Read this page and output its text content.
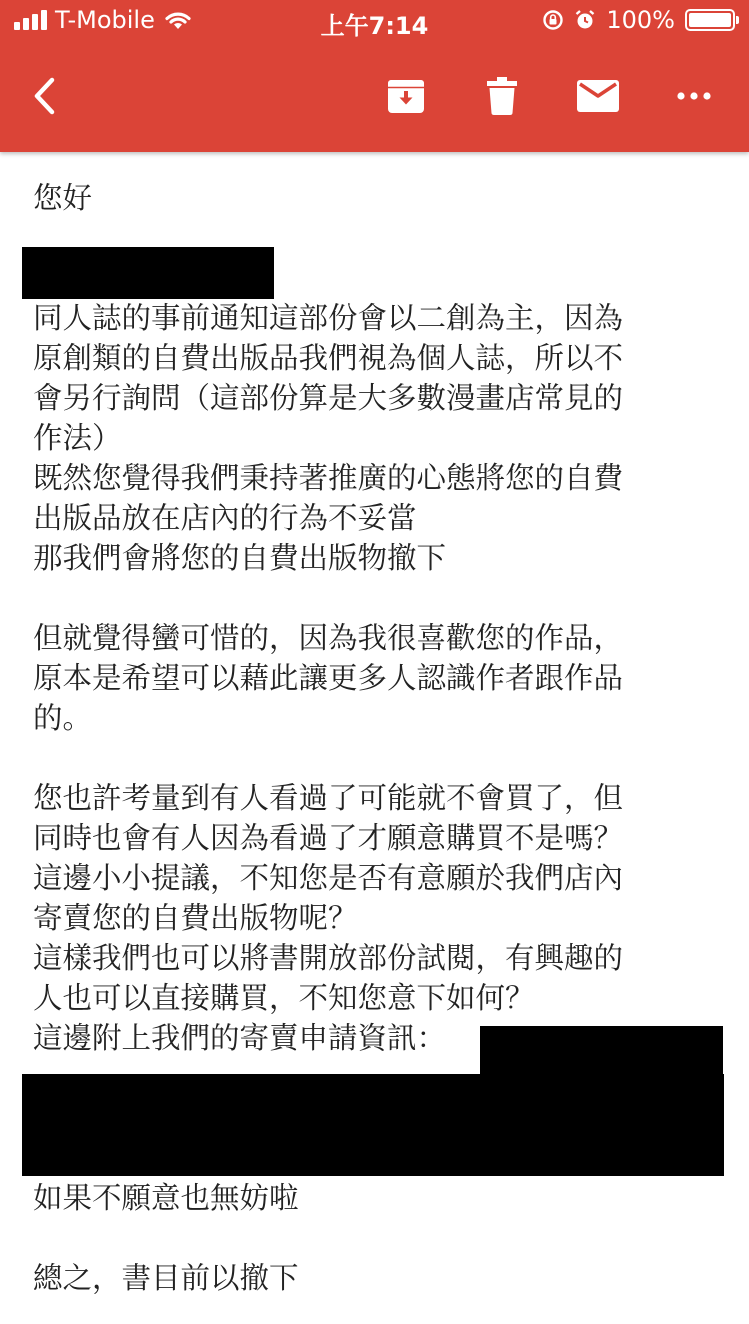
T-Mobile	上午7:14	100%

您好

同人誌的事前通知這部份會以二創為主，因為

原創類的自費出版品我們視為個人誌，所以不

會另行詢問（這部份算是大多數漫畫店常見的

作法）

既然您覺得我們秉持著推廣的心態將您的自費

出版品放在店內的行為不妥當

那我們會將您的自費出版物撤下

但就覺得蠻可惜的，因為我很喜歡您的作品，

原本是希望可以藉此讓更多人認識作者跟作品

的。

您也許考量到有人看過了可能就不會買了，但

同時也會有人因為看過了才願意購買不是嗎？

這邊小小提議，不知您是否有意願於我們店內

寄賣您的自費出版物呢？

這樣我們也可以將書開放部份試閱，有興趣的

人也可以直接購買，不知您意下如何？

這邊附上我們的寄賣申請資訊：

如果不願意也無妨啦

總之，書目前以撤下
